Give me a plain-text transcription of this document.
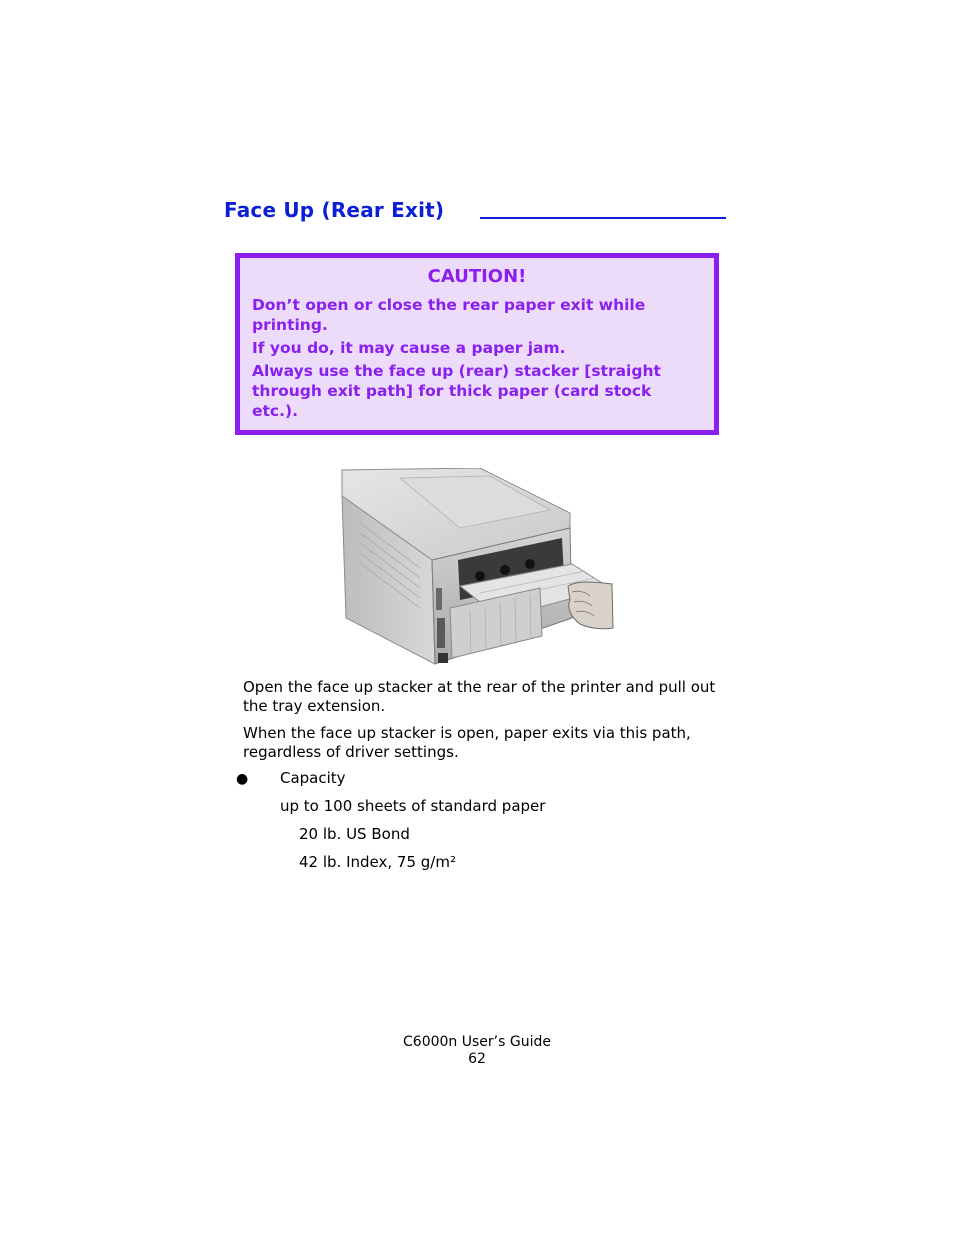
Face Up (Rear Exit)
CAUTION!
Don’t open or close the rear paper exit while printing.
If you do, it may cause a paper jam.
Always use the face up (rear) stacker [straight through exit path] for thick paper (card stock etc.).
Open the face up stacker at the rear of the printer and pull out the tray extension.
When the face up stacker is open, paper exits via this path, regardless of driver settings.
● Capacity
up to 100 sheets of standard paper
20 lb. US Bond
42 lb. Index, 75 g/m²
C6000n User’s Guide
62
